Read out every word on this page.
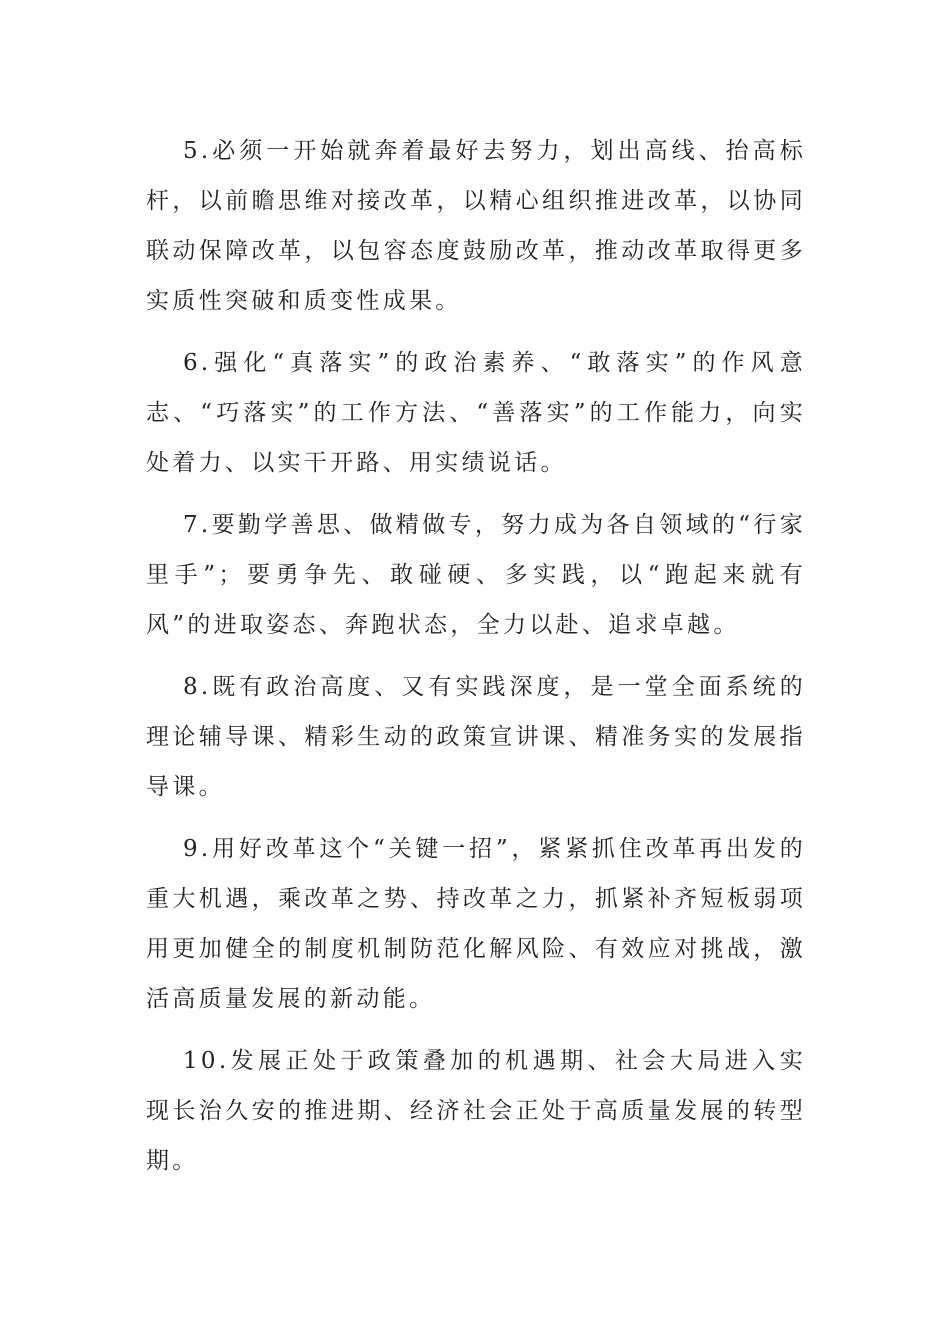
5.必须一开始就奔着最好去努力，划出高线、抬高标杆，以前瞻思维对接改革，以精心组织推进改革，以协同联动保障改革，以包容态度鼓励改革，推动改革取得更多实质性突破和质变性成果。

6.强化“真落实”的政治素养、“敢落实”的作风意志、“巧落实”的工作方法、“善落实”的工作能力，向实处着力、以实干开路、用实绩说话。

7.要勤学善思、做精做专，努力成为各自领域的“行家里手”；要勇争先、敢碰硬、多实践，以“跑起来就有风”的进取姿态、奔跑状态，全力以赴、追求卓越。

8.既有政治高度、又有实践深度，是一堂全面系统的理论辅导课、精彩生动的政策宣讲课、精准务实的发展指导课。

9.用好改革这个“关键一招”，紧紧抓住改革再出发的重大机遇，乘改革之势、持改革之力，抓紧补齐短板弱项用更加健全的制度机制防范化解风险、有效应对挑战，激活高质量发展的新动能。

10.发展正处于政策叠加的机遇期、社会大局进入实现长治久安的推进期、经济社会正处于高质量发展的转型期。
